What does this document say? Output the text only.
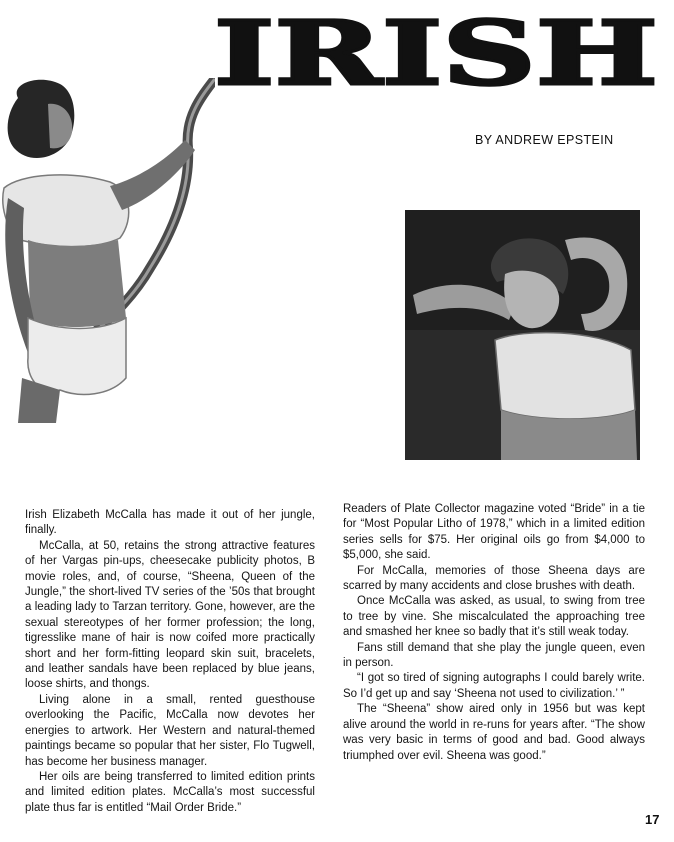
IRISH
BY ANDREW EPSTEIN

Irish Elizabeth McCalla has made it out of her jungle, finally.

McCalla, at 50, retains the strong attractive features of her Vargas pin-ups, cheesecake publicity photos, B movie roles, and, of course, “Sheena, Queen of the Jungle,” the short-lived TV series of the ’50s that brought a leading lady to Tarzan territory. Gone, however, are the sexual stereotypes of her former profession; the long, tigresslike mane of hair is now coifed more practically short and her form-fitting leopard skin suit, bracelets, and leather sandals have been replaced by blue jeans, loose shirts, and thongs.

Living alone in a small, rented guesthouse overlooking the Pacific, McCalla now devotes her energies to artwork. Her Western and natural-themed paintings became so popular that her sister, Flo Tugwell, has become her business manager.

Her oils are being transferred to limited edition prints and limited edition plates. McCalla’s most successful plate thus far is entitled “Mail Order Bride.”

Readers of Plate Collector magazine voted “Bride” in a tie for “Most Popular Litho of 1978,” which in a limited edition series sells for $75. Her original oils go from $4,000 to $5,000, she said.

For McCalla, memories of those Sheena days are scarred by many accidents and close brushes with death.

Once McCalla was asked, as usual, to swing from tree to tree by vine. She miscalculated the approaching tree and smashed her knee so badly that it’s still weak today.

Fans still demand that she play the jungle queen, even in person.

“I got so tired of signing autographs I could barely write. So I’d get up and say ‘Sheena not used to civilization.’ ”

The “Sheena” show aired only in 1956 but was kept alive around the world in re-runs for years after. “The show was very basic in terms of good and bad. Good always triumphed over evil. Sheena was good.”

17
